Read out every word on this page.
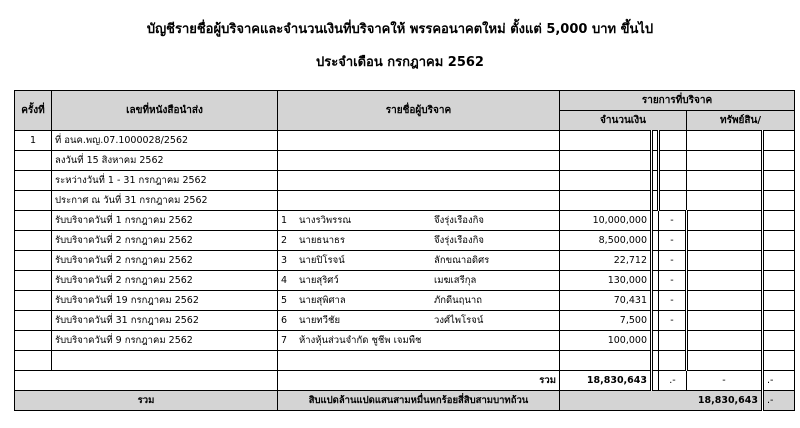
บัญชีรายชื่อผู้บริจาคและจำนวนเงินที่บริจาคให้ พรรคอนาคตใหม่ ตั้งแต่ 5,000 บาท ขึ้นไป
ประจำเดือน กรกฎาคม 2562
ครั้งที่	เลขที่หนังสือนำส่ง	รายชื่อผู้บริจาค	รายการที่บริจาค				
			จำนวนเงิน			ทรัพย์สิน/	
1	ที่ อนค.พญ.07.1000028/2562						
	ลงวันที่ 15 สิงหาคม 2562						
	ระหว่างวันที่ 1 - 31 กรกฎาคม 2562						
	ประกาศ ณ วันที่ 31 กรกฎาคม 2562						
	รับบริจาควันที่ 1 กรกฎาคม 2562	1 นางรวิพรรณ จึงรุ่งเรืองกิจ	10,000,000		-		
	รับบริจาควันที่ 2 กรกฎาคม 2562	2 นายธนาธร จึงรุ่งเรืองกิจ	8,500,000		-		
	รับบริจาควันที่ 2 กรกฎาคม 2562	3 นายปิโรจน์ ลักขณาอดิศร	22,712		-		
	รับบริจาควันที่ 2 กรกฎาคม 2562	4 นายสุริศว์ เมฆเสรีกุล	130,000		-		
	รับบริจาควันที่ 19 กรกฎาคม 2562	5 นายสุพิศาล ภักดีนฤนาถ	70,431		-		
	รับบริจาควันที่ 31 กรกฎาคม 2562	6 นายทวีชัย วงศ์ไพโรจน์	7,500		-		
	รับบริจาควันที่ 9 กรกฎาคม 2562	7 ห้างหุ้นส่วนจำกัด ชูชีพ เจมพืช	100,000				

		รวม	18,830,643		.-	-	.-
รวม		สิบแปดล้านแปดแสนสามหมื่นหกร้อยสี่สิบสามบาทถ้วน	18,830,643				.-
